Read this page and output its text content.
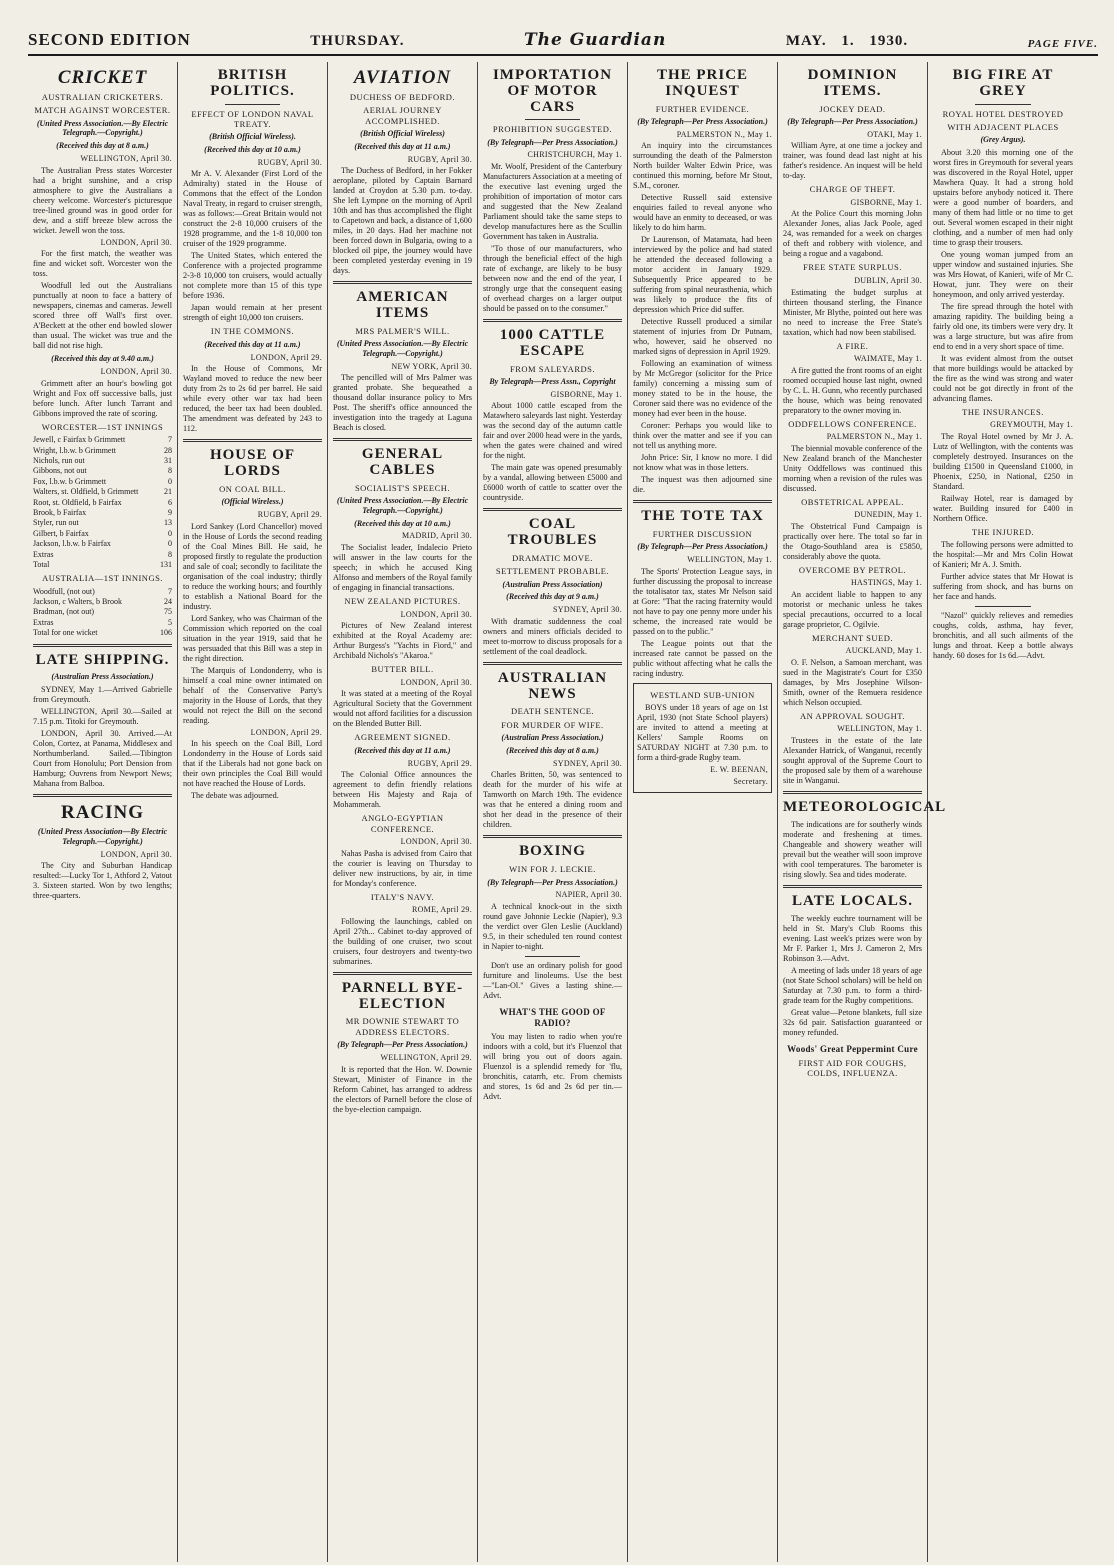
SECOND EDITION	THURSDAY.	The Guardian	MAY. 1. 1930.	PAGE FIVE.
CRICKET
AUSTRALIAN CRICKETERS.
MATCH AGAINST WORCESTER.
(United Press Association.—By Electric Telegraph.—Copyright.)
(Received this day at 8 a.m.)
WELLINGTON, April 30.

The Australian Press states Worcester had a bright sunshine, and a crisp atmosphere to give the Australians a cheery welcome. Worcester's picturesque tree-lined ground was in good order for dew, and a stiff breeze blew across the wicket. Jewell won the toss.

LONDON, April 30.

For the first match, the weather was fine and wicket soft. Worcester won the toss.

Woodfull led out the Australians punctually at noon to face a battery of newspapers, cinemas and cameras. Jewell scored three off Wall's first over. A'Beckett at the other end bowled slower than usual. The wicket was true and the ball did not rise high.

(Received this day at 9.40 a.m.)
LONDON, April 30.

Grimmett after an hour's bowling got Wright and Fox off successive balls, just before lunch. After lunch Tarrant and Gibbons improved the rate of scoring.

WORCESTER—1ST INNINGS
Jewell, c Fairfax b Grimmett	7
Wright, l.b.w. b Grimmett	28
Nichols, run out	31
Gibbons, not out	8
Fox, l.b.w. b Grimmett	0
Walters, st. Oldfield, b Grimmett	21
Root, st. Oldfield, b Fairfax	6
Brook, b Fairfax	9
Styler, run out	13
Gilbert, b Fairfax	0
Jackson, l.b.w. b Fairfax	0
Extras	8
Total	131
AUSTRALIA—1ST INNINGS.
Woodfull, (not out)	7
Jackson, c Walters, b Brook	24
Bradman, (not out)	75
Extras	5
Total for one wicket	106
LATE SHIPPING.
(Australian Press Association.)

SYDNEY, May 1.—Arrived Gabrielle from Greymouth.

WELLINGTON, April 30.—Sailed at 7.15 p.m. Titoki for Greymouth.

LONDON, April 30. Arrived.—At Colon, Cortez, at Panama, Middlesex and Northumberland. Sailed.—Tibington Court from Honolulu; Port Dension from Hamburg; Ouvrens from Newport News; Mahana from Balboa.

RACING
(United Press Association—By Electric Telegraph.—Copyright.)
LONDON, April 30.

The City and Suburban Handicap resulted:—Lucky Tor 1, Athford 2, Vatout 3. Sixteen started. Won by two lengths; three-quarters.

BRITISH POLITICS.
EFFECT OF LONDON NAVAL TREATY.
(British Official Wireless).
(Received this day at 10 a.m.)
RUGBY, April 30.

Mr A. V. Alexander (First Lord of the Admiralty) stated in the House of Commons that the effect of the London Naval Treaty, in regard to cruiser strength, was as follows:—Great Britain would not construct the 2-8 10,000 cruisers of the 1928 programme, and the 1-8 10,000 ton cruiser of the 1929 programme.

The United States, which entered the Conference with a projected programme 2-3-8 10,000 ton cruisers, would actually not complete more than 15 of this type before 1936.

Japan would remain at her present strength of eight 10,000 ton cruisers.

IN THE COMMONS.
(Received this day at 11 a.m.)
LONDON, April 29.

In the House of Commons, Mr Wayland moved to reduce the new beer duty from 2s to 2s 6d per barrel. He said while every other war tax had been reduced, the beer tax had been doubled. The amendment was defeated by 243 to 112.

HOUSE OF LORDS
ON COAL BILL.
(Official Wireless.)
RUGBY, April 29.

Lord Sankey (Lord Chancellor) moved in the House of Lords the second reading of the Coal Mines Bill. He said, he proposed firstly to regulate the production and sale of coal; secondly to facilitate the organisation of the coal industry; thirdly to reduce the working hours; and fourthly to establish a National Board for the industry.

Lord Sankey, who was Chairman of the Commission which reported on the coal situation in the year 1919, said that he was persuaded that this Bill was a step in the right direction.

The Marquis of Londonderry, who is himself a coal mine owner intimated on behalf of the Conservative Party's majority in the House of Lords, that they would not reject the Bill on the second reading.

LONDON, April 29.

In his speech on the Coal Bill, Lord Londonderry in the House of Lords said that if the Liberals had not gone back on their own principles the Coal Bill would not have reached the House of Lords.

The debate was adjourned.

AVIATION
DUCHESS OF BEDFORD.
AERIAL JOURNEY ACCOMPLISHED.
(British Official Wireless)
(Received this day at 11 a.m.)
RUGBY, April 30.

The Duchess of Bedford, in her Fokker aeroplane, piloted by Captain Barnard landed at Croydon at 5.30 p.m. to-day. She left Lympne on the morning of April 10th and has thus accomplished the flight to Capetown and back, a distance of 1,600 miles, in 20 days. Had her machine not been forced down in Bulgaria, owing to a blocked oil pipe, the journey would have been completed yesterday evening in 19 days.

AMERICAN ITEMS
MRS PALMER'S WILL.
(United Press Association.—By Electric Telegraph.—Copyright.)
NEW YORK, April 30.

The pencilled will of Mrs Palmer was granted probate. She bequeathed a thousand dollar insurance policy to Mrs Post. The sheriff's office announced the investigation into the tragedy at Laguna Beach is closed.

GENERAL CABLES
SOCIALIST'S SPEECH.
(United Press Association.—By Electric Telegraph.—Copyright.)
(Received this day at 10 a.m.)
MADRID, April 30.

The Socialist leader, Indalecio Prieto will answer in the law courts for the speech; in which he accused King Alfonso and members of the Royal family of engaging in financial transactions.

NEW ZEALAND PICTURES.
LONDON, April 30.

Pictures of New Zealand interest exhibited at the Royal Academy are: Arthur Burgess's "Yachts in Fiord," and Archibald Nichols's "Akaroa."

BUTTER BILL.
LONDON, April 30.

It was stated at a meeting of the Royal Agricultural Society that the Government would not afford facilities for a discussion on the Blended Butter Bill.

AGREEMENT SIGNED.
(Received this day at 11 a.m.)
RUGBY, April 29.

The Colonial Office announces the agreement to defin friendly relations between His Majesty and Raja of Mohammerah.

ANGLO-EGYPTIAN CONFERENCE.
LONDON, April 30.

Nahas Pasha is advised from Cairo that the courier is leaving on Thursday to deliver new instructions, by air, in time for Monday's conference.

ITALY'S NAVY.
ROME, April 29.

Following the launchings, cabled on April 27th... Cabinet to-day approved of the building of one cruiser, two scout cruisers, four destroyers and twenty-two submarines.

PARNELL BYE-ELECTION
MR DOWNIE STEWART TO ADDRESS ELECTORS.
(By Telegraph—Per Press Association.)
WELLINGTON, April 29.

It is reported that the Hon. W. Downie Stewart, Minister of Finance in the Reform Cabinet, has arranged to address the electors of Parnell before the close of the bye-election campaign.

IMPORTATION OF MOTOR CARS
PROHIBITION SUGGESTED.
(By Telegraph—Per Press Association.)
CHRISTCHURCH, May 1.

Mr. Woolf, President of the Canterbury Manufacturers Association at a meeting of the executive last evening urged the prohibition of importation of motor cars and suggested that the New Zealand Parliament should take the same steps to develop manufactures here as the Scullin Government has taken in Australia.

"To those of our manufacturers, who through the beneficial effect of the high rate of exchange, are likely to be busy between now and the end of the year, I strongly urge that the consequent easing of overhead charges on a larger output should be passed on to the consumer."

1000 CATTLE ESCAPE
FROM SALEYARDS.
By Telegraph—Press Assn., Copyright
GISBORNE, May 1.

About 1000 cattle escaped from the Matawhero saleyards last night. Yesterday was the second day of the autumn cattle fair and over 2000 head were in the yards, when the gates were chained and wired for the night.

The main gate was opened presumably by a vandal, allowing between £5000 and £6000 worth of cattle to scatter over the countryside.

COAL TROUBLES
DRAMATIC MOVE.
SETTLEMENT PROBABLE.
(Australian Press Association)
(Received this day at 9 a.m.)
SYDNEY, April 30.

With dramatic suddenness the coal owners and miners officials decided to meet to-morrow to discuss proposals for a settlement of the coal deadlock.

AUSTRALIAN NEWS
DEATH SENTENCE.
FOR MURDER OF WIFE.
(Australian Press Association.)
(Received this day at 8 a.m.)
SYDNEY, April 30.

Charles Britten, 50, was sentenced to death for the murder of his wife at Tamworth on March 19th. The evidence was that he entered a dining room and shot her dead in the presence of their children.

BOXING
WIN FOR J. LECKIE.
(By Telegraph—Per Press Association.)
NAPIER, April 30.

A technical knock-out in the sixth round gave Johnnie Leckie (Napier), 9.3 the verdict over Glen Leslie (Auckland) 9.5, in their scheduled ten round contest in Napier to-night.

Don't use an ordinary polish for good furniture and linoleums. Use the best —"Lan-Ol." Gives a lasting shine.—Advt.

WHAT'S THE GOOD OF RADIO?

You may listen to radio when you're indoors with a cold, but it's Fluenzol that will bring you out of doors again. Fluenzol is a splendid remedy for 'flu, bronchitis, catarrh, etc. From chemists and stores, 1s 6d and 2s 6d per tin.—Advt.

THE PRICE INQUEST
FURTHER EVIDENCE.
(By Telegraph—Per Press Association.)
PALMERSTON N., May 1.

An inquiry into the circumstances surrounding the death of the Palmerston North builder Walter Edwin Price, was continued this morning, before Mr Stout, S.M., coroner.

Detective Russell said extensive enquiries failed to reveal anyone who would have an enmity to deceased, or was likely to do him harm.

Dr Laurenson, of Matamata, had been interviewed by the police and had stated he attended the deceased following a motor accident in January 1929. Subsequently Price appeared to be suffering from spinal neurasthenia, which was likely to produce the fits of depression which Price did suffer.

Detective Russell produced a similar statement of injuries from Dr Putnam, who, however, said he observed no marked signs of depression in April 1929.

Following an examination of witness by Mr McGregor (solicitor for the Price family) concerning a missing sum of money stated to be in the house, the Coroner said there was no evidence of the money had ever been in the house.

Coroner: Perhaps you would like to think over the matter and see if you can not tell us anything more.

John Price: Sir, I know no more. I did not know what was in those letters.

The inquest was then adjourned sine die.

THE TOTE TAX
FURTHER DISCUSSION
(By Telegraph—Per Press Association.)
WELLINGTON, May 1.

The Sports' Protection League says, in further discussing the proposal to increase the totalisator tax, states Mr Nelson said at Gore: "That the racing fraternity would not have to pay one penny more under his scheme, the increased rate would be passed on to the public."

The League points out that the increased rate cannot be passed on the public without affecting what he calls the racing industry.

WESTLAND SUB-UNION

BOYS under 18 years of age on 1st April, 1930 (not State School players) are invited to attend a meeting at Kellers' Sample Rooms on SATURDAY NIGHT at 7.30 p.m. to form a third-grade Rugby team.

E. W. BEENAN,
Secretary.
DOMINION ITEMS.
JOCKEY DEAD.
(By Telegraph—Per Press Association.)
OTAKI, May 1.

William Ayre, at one time a jockey and trainer, was found dead last night at his father's residence. An inquest will be held to-day.

CHARGE OF THEFT.
GISBORNE, May 1.

At the Police Court this morning John Alexander Jones, alias Jack Poole, aged 24, was remanded for a week on charges of theft and robbery with violence, and being a rogue and a vagabond.

FREE STATE SURPLUS.
DUBLIN, April 30.

Estimating the budget surplus at thirteen thousand sterling, the Finance Minister, Mr Blythe, pointed out here was no need to increase the Free State's taxation, which had now been stabilised.

A FIRE.
WAIMATE, May 1.

A fire gutted the front rooms of an eight roomed occupied house last night, owned by C. L. H. Gunn, who recently purchased the house, which was being renovated preparatory to the owner moving in.

ODDFELLOWS CONFERENCE.
PALMERSTON N., May 1.

The biennial movable conference of the New Zealand branch of the Manchester Unity Oddfellows was continued this morning when a revision of the rules was discussed.

OBSTETRICAL APPEAL.
DUNEDIN, May 1.

The Obstetrical Fund Campaign is practically over here. The total so far in the Otago-Southland area is £5850, considerably above the quota.

OVERCOME BY PETROL.
HASTINGS, May 1.

An accident liable to happen to any motorist or mechanic unless he takes special precautions, occurred to a local garage proprietor, C. Ogilvie.

MERCHANT SUED.
AUCKLAND, May 1.

O. F. Nelson, a Samoan merchant, was sued in the Magistrate's Court for £350 damages, by Mrs Josephine Wilson-Smith, owner of the Remuera residence which Nelson occupied.

AN APPROVAL SOUGHT.
WELLINGTON, May 1.

Trustees in the estate of the late Alexander Hatrick, of Wanganui, recently sought approval of the Supreme Court to the proposed sale by them of a warehouse site in Wanganui.

METEOROLOGICAL

The indications are for southerly winds moderate and freshening at times. Changeable and showery weather will prevail but the weather will soon improve with cool temperatures. The barometer is rising slowly. Sea and tides moderate.

LATE LOCALS.

The weekly euchre tournament will be held in St. Mary's Club Rooms this evening. Last week's prizes were won by Mr F. Parker 1, Mrs J. Cameron 2, Mrs Robinson 3.—Advt.

A meeting of lads under 18 years of age (not State School scholars) will be held on Saturday at 7.30 p.m. to form a third-grade team for the Rugby competitions.

Great value—Petone blankets, full size 32s 6d pair. Satisfaction guaranteed or money refunded.

Woods' Great Peppermint Cure
FIRST AID FOR COUGHS, COLDS, INFLUENZA.
BIG FIRE AT GREY
ROYAL HOTEL DESTROYED
WITH ADJACENT PLACES
(Grey Argus).

About 3.20 this morning one of the worst fires in Greymouth for several years was discovered in the Royal Hotel, upper Mawhera Quay. It had a strong hold upstairs before anybody noticed it. There were a good number of boarders, and many of them had little or no time to get out. Several women escaped in their night clothing, and a number of men had only time to grasp their trousers.

One young woman jumped from an upper window and sustained injuries. She was Mrs Howat, of Kanieri, wife of Mr C. Howat, junr. They were on their honeymoon, and only arrived yesterday.

The fire spread through the hotel with amazing rapidity. The building being a fairly old one, its timbers were very dry. It was a large structure, but was afire from end to end in a very short space of time.

It was evident almost from the outset that more buildings would be attacked by the fire as the wind was strong and water could not be got directly in front of the advancing flames.

THE INSURANCES.
GREYMOUTH, May 1.

The Royal Hotel owned by Mr J. A. Lutz of Wellington, with the contents was completely destroyed. Insurances on the building £1500 in Queensland £1000, in Phoenix, £250, in National, £250 in Standard.

Railway Hotel, rear is damaged by water. Building insured for £400 in Northern Office.

THE INJURED.

The following persons were admitted to the hospital:—Mr and Mrs Colin Howat of Kanieri; Mr A. J. Smith.

Further advice states that Mr Howat is suffering from shock, and has burns on her face and hands.

"Nazol" quickly relieves and remedies coughs, colds, asthma, hay fever, bronchitis, and all such ailments of the lungs and throat. Keep a bottle always handy. 60 doses for 1s 6d.—Advt.
